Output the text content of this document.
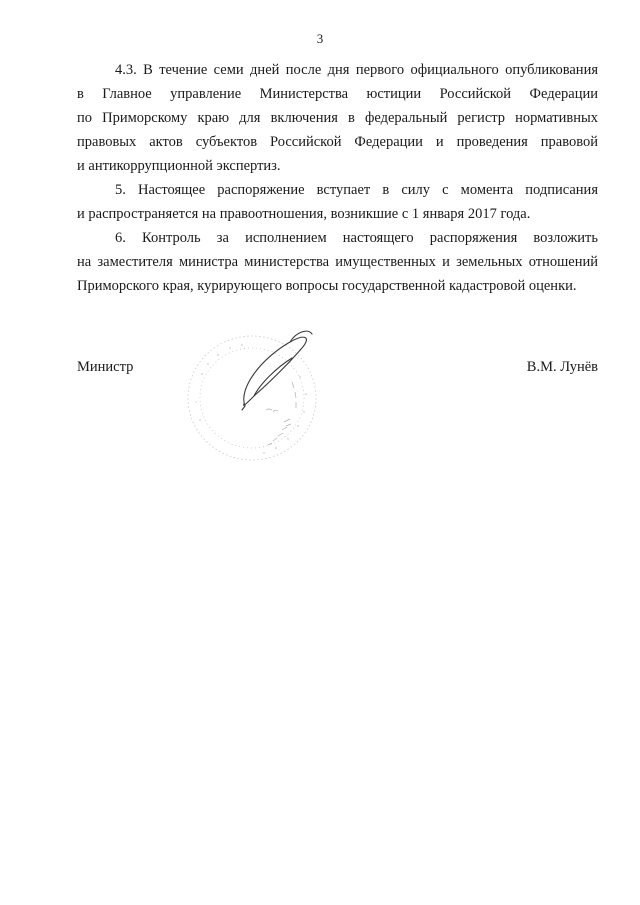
3
4.3. В течение семи дней после дня первого официального опубликования
в Главное управление Министерства юстиции Российской Федерации
по Приморскому краю для включения в федеральный регистр нормативных
правовых актов субъектов Российской Федерации и проведения правовой
и антикоррупционной экспертиз.
5. Настоящее распоряжение вступает в силу с момента подписания
и распространяется на правоотношения, возникшие с 1 января 2017 года.
6. Контроль за исполнением настоящего распоряжения возложить
на заместителя министра министерства имущественных и земельных отношений
Приморского края, курирующего вопросы государственной кадастровой оценки.
Министр	В.М. Лунёв
